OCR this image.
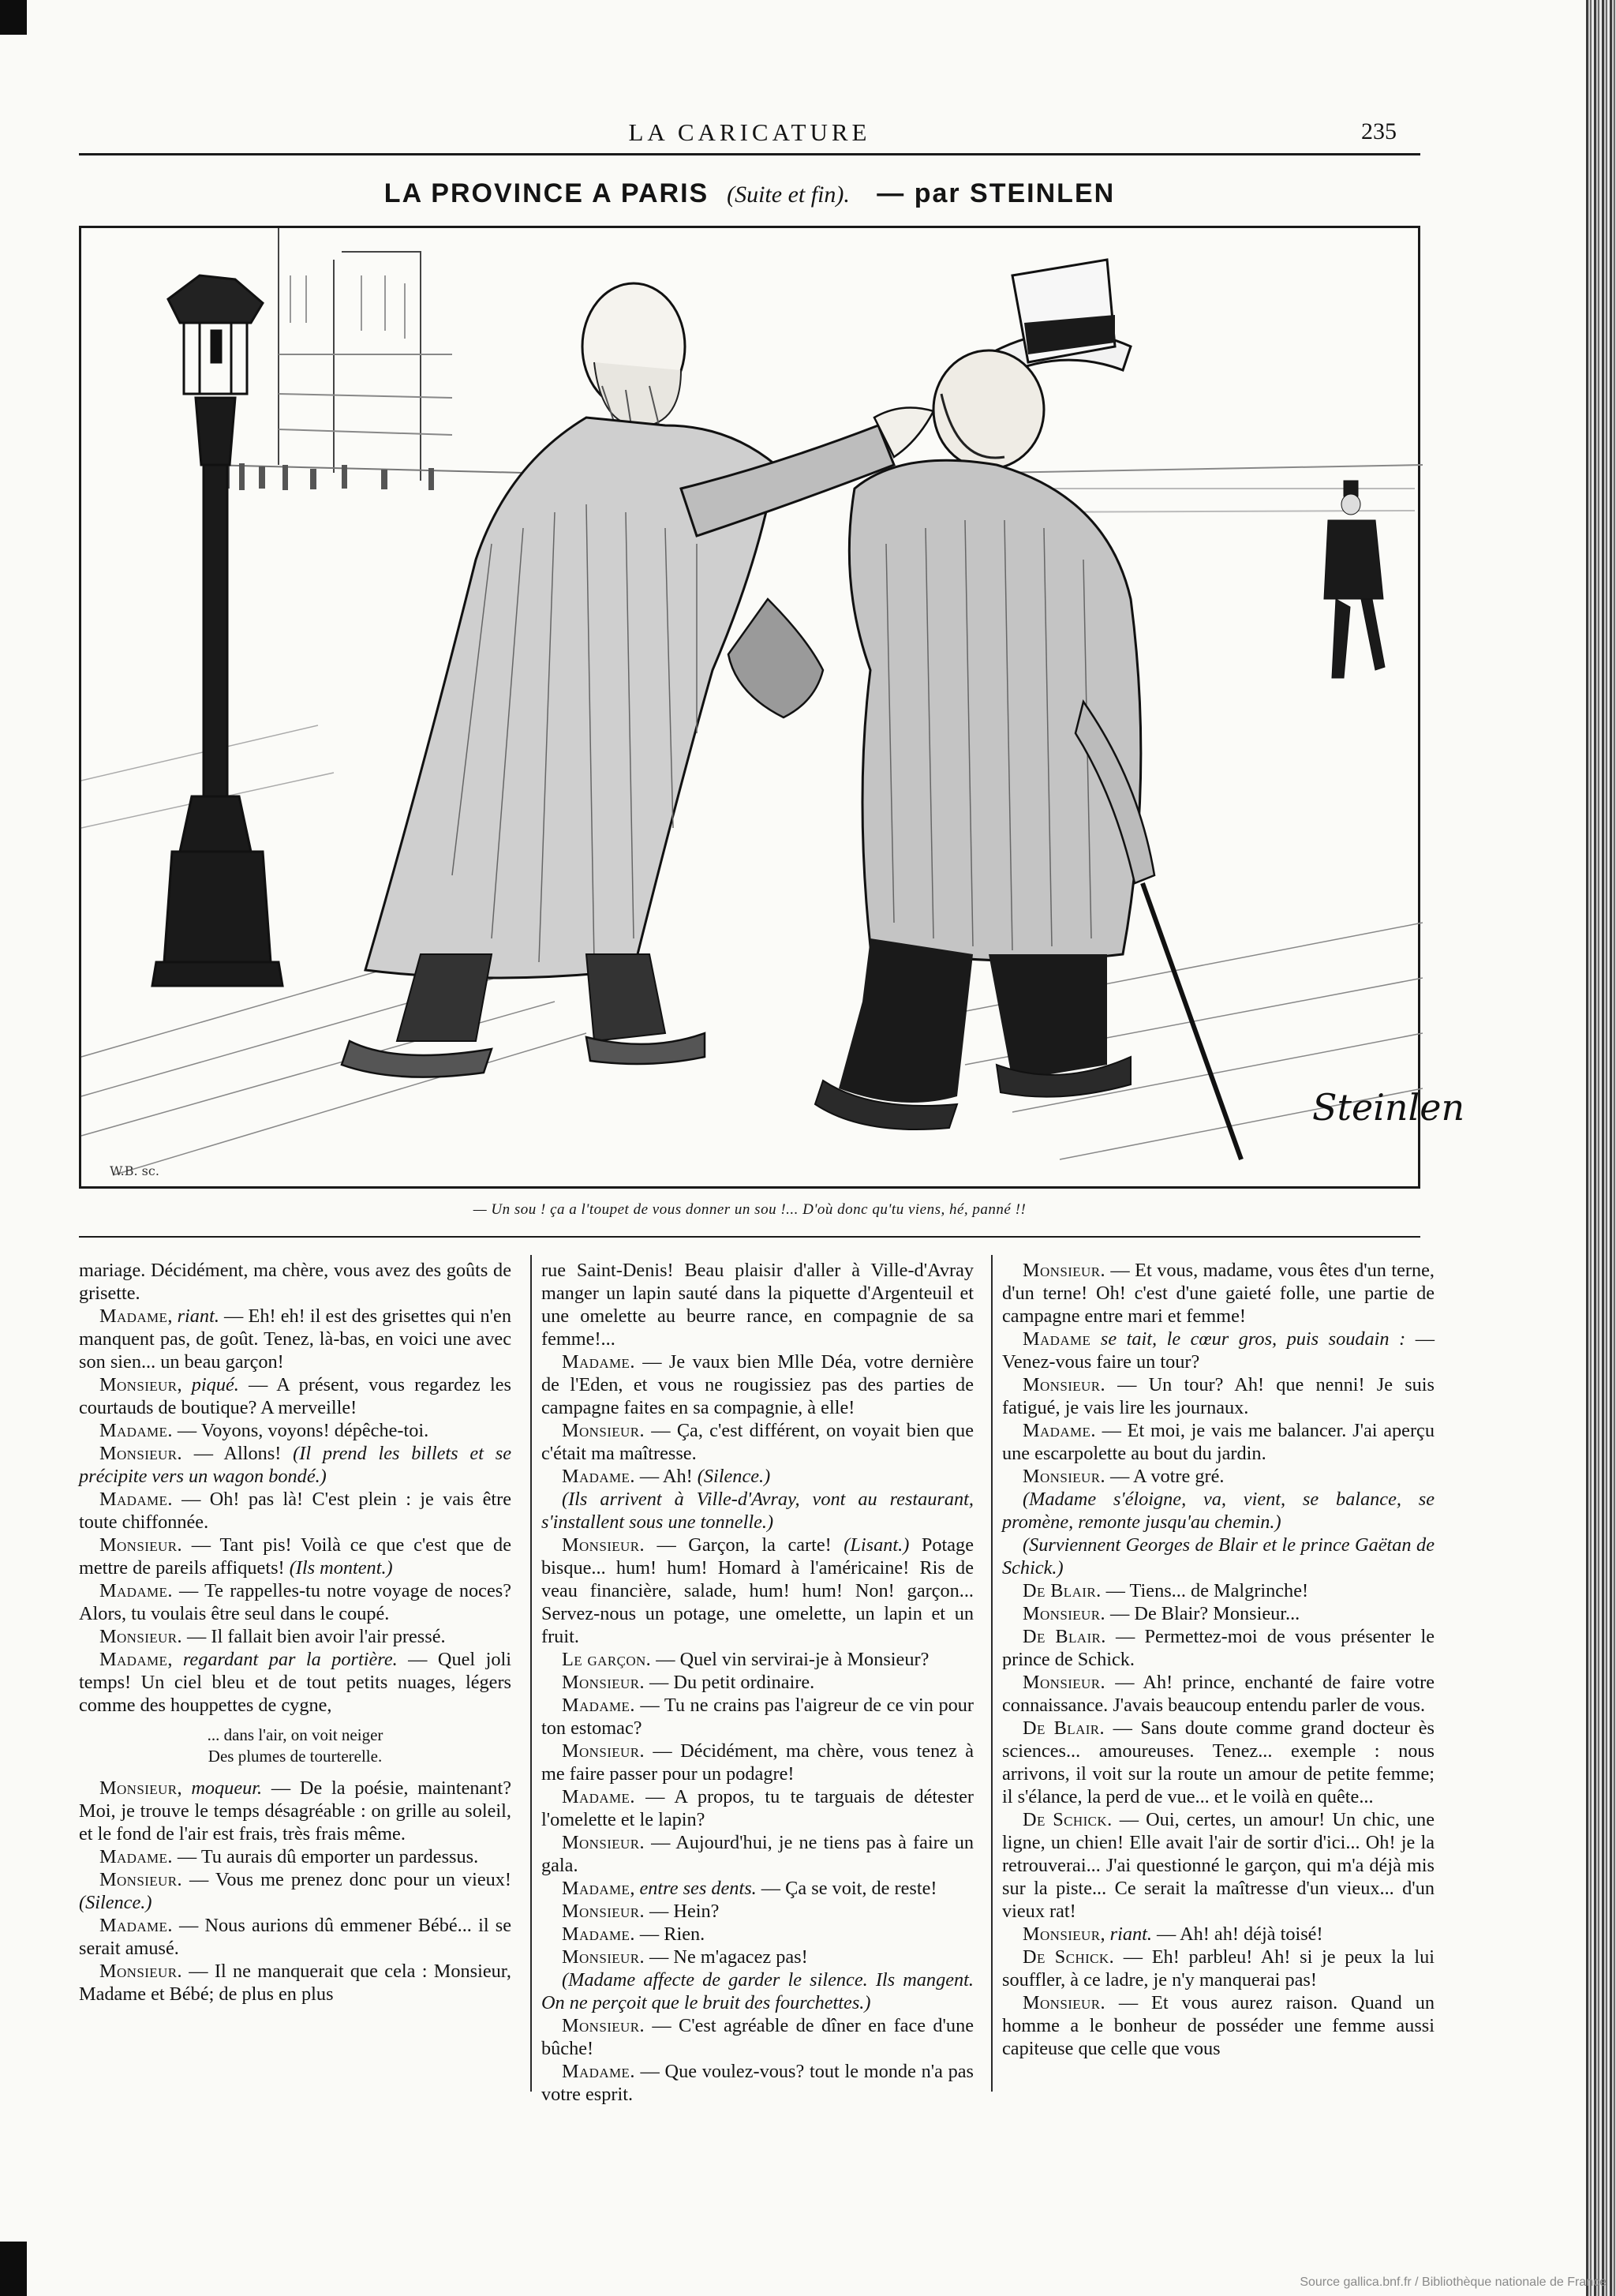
LA CARICATURE	235
LA PROVINCE A PARIS (Suite et fin). — par STEINLEN
Steinlen
W.B. sc.
— Un sou ! ça a l'toupet de vous donner un sou !... D'où donc qu'tu viens, hé, panné !!

mariage. Décidément, ma chère, vous avez des goûts de grisette.

Madame, riant. — Eh! eh! il est des grisettes qui n'en manquent pas, de goût. Tenez, là-bas, en voici une avec son sien... un beau garçon!

Monsieur, piqué. — A présent, vous regardez les courtauds de boutique? A merveille!

Madame. — Voyons, voyons! dépêche-toi.

Monsieur. — Allons! (Il prend les billets et se précipite vers un wagon bondé.)

Madame. — Oh! pas là! C'est plein : je vais être toute chiffonnée.

Monsieur. — Tant pis! Voilà ce que c'est que de mettre de pareils affiquets! (Ils montent.)

Madame. — Te rappelles-tu notre voyage de noces? Alors, tu voulais être seul dans le coupé.

Monsieur. — Il fallait bien avoir l'air pressé.

Madame, regardant par la portière. — Quel joli temps! Un ciel bleu et de tout petits nuages, légers comme des houppettes de cygne,

... dans l'air, on voit neiger
Des plumes de tourterelle.

Monsieur, moqueur. — De la poésie, maintenant? Moi, je trouve le temps désagréable : on grille au soleil, et le fond de l'air est frais, très frais même.

Madame. — Tu aurais dû emporter un pardessus.

Monsieur. — Vous me prenez donc pour un vieux! (Silence.)

Madame. — Nous aurions dû emmener Bébé... il se serait amusé.

Monsieur. — Il ne manquerait que cela : Monsieur, Madame et Bébé; de plus en plus

rue Saint-Denis! Beau plaisir d'aller à Ville-d'Avray manger un lapin sauté dans la piquette d'Argenteuil et une omelette au beurre rance, en compagnie de sa femme!...

Madame. — Je vaux bien Mlle Déa, votre dernière de l'Eden, et vous ne rougissiez pas des parties de campagne faites en sa compagnie, à elle!

Monsieur. — Ça, c'est différent, on voyait bien que c'était ma maîtresse.

Madame. — Ah! (Silence.)

(Ils arrivent à Ville-d'Avray, vont au restaurant, s'installent sous une tonnelle.)

Monsieur. — Garçon, la carte! (Lisant.) Potage bisque... hum! hum! Homard à l'américaine! Ris de veau financière, salade, hum! hum! Non! garçon... Servez-nous un potage, une omelette, un lapin et un fruit.

Le garçon. — Quel vin servirai-je à Monsieur?

Monsieur. — Du petit ordinaire.

Madame. — Tu ne crains pas l'aigreur de ce vin pour ton estomac?

Monsieur. — Décidément, ma chère, vous tenez à me faire passer pour un podagre!

Madame. — A propos, tu te targuais de détester l'omelette et le lapin?

Monsieur. — Aujourd'hui, je ne tiens pas à faire un gala.

Madame, entre ses dents. — Ça se voit, de reste!

Monsieur. — Hein?

Madame. — Rien.

Monsieur. — Ne m'agacez pas!

(Madame affecte de garder le silence. Ils mangent. On ne perçoit que le bruit des fourchettes.)

Monsieur. — C'est agréable de dîner en face d'une bûche!

Madame. — Que voulez-vous? tout le monde n'a pas votre esprit.

Monsieur. — Et vous, madame, vous êtes d'un terne, d'un terne! Oh! c'est d'une gaieté folle, une partie de campagne entre mari et femme!

Madame se tait, le cœur gros, puis soudain : — Venez-vous faire un tour?

Monsieur. — Un tour? Ah! que nenni! Je suis fatigué, je vais lire les journaux.

Madame. — Et moi, je vais me balancer. J'ai aperçu une escarpolette au bout du jardin.

Monsieur. — A votre gré.

(Madame s'éloigne, va, vient, se balance, se promène, remonte jusqu'au chemin.)

(Surviennent Georges de Blair et le prince Gaëtan de Schick.)

De Blair. — Tiens... de Malgrinche!

Monsieur. — De Blair? Monsieur...

De Blair. — Permettez-moi de vous présenter le prince de Schick.

Monsieur. — Ah! prince, enchanté de faire votre connaissance. J'avais beaucoup entendu parler de vous.

De Blair. — Sans doute comme grand docteur ès sciences... amoureuses. Tenez... exemple : nous arrivons, il voit sur la route un amour de petite femme; il s'élance, la perd de vue... et le voilà en quête...

De Schick. — Oui, certes, un amour! Un chic, une ligne, un chien! Elle avait l'air de sortir d'ici... Oh! je la retrouverai... J'ai questionné le garçon, qui m'a déjà mis sur la piste... Ce serait la maîtresse d'un vieux... d'un vieux rat!

Monsieur, riant. — Ah! ah! déjà toisé!

De Schick. — Eh! parbleu! Ah! si je peux la lui souffler, à ce ladre, je n'y manquerai pas!

Monsieur. — Et vous aurez raison. Quand un homme a le bonheur de posséder une femme aussi capiteuse que celle que vous

Source gallica.bnf.fr / Bibliothèque nationale de France
